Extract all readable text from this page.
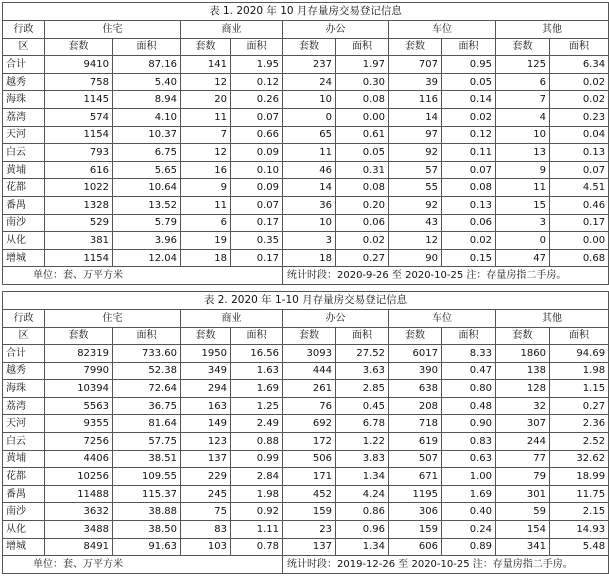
表 1. 2020 年 10 月存量房交易登记信息										
行政	住宅		商业		办公		车位		其他	
区	套数	面积	套数	面积	套数	面积	套数	面积	套数	面积
合计	9410	87.16	141	1.95	237	1.97	707	0.95	125	6.34
越秀	758	5.40	12	0.12	24	0.30	39	0.05	6	0.02
海珠	1145	8.94	20	0.26	10	0.08	116	0.14	7	0.02
荔湾	574	4.10	11	0.07	0	0.00	14	0.02	4	0.23
天河	1154	10.37	7	0.66	65	0.61	97	0.12	10	0.04
白云	793	6.75	12	0.09	11	0.05	92	0.11	13	0.13
黄埔	616	5.65	16	0.10	46	0.31	57	0.07	9	0.07
花都	1022	10.64	9	0.09	14	0.08	55	0.08	11	4.51
番禺	1328	13.52	11	0.07	36	0.20	92	0.13	15	0.46
南沙	529	5.79	6	0.17	10	0.06	43	0.06	3	0.17
从化	381	3.96	19	0.35	3	0.02	12	0.02	0	0.00
增城	1154	12.04	18	0.17	18	0.27	90	0.15	47	0.68
单位：套、万平方米					统计时段：2020-9-26 至 2020-10-25 注：存量房指二手房。					
表 2. 2020 年 1-10 月存量房交易登记信息										
行政	住宅		商业		办公		车位		其他	
区	套数	面积	套数	面积	套数	面积	套数	面积	套数	面积
合计	82319	733.60	1950	16.56	3093	27.52	6017	8.33	1860	94.69
越秀	7990	52.38	349	1.63	444	3.63	390	0.47	138	1.98
海珠	10394	72.64	294	1.69	261	2.85	638	0.80	128	1.15
荔湾	5563	36.75	163	1.25	76	0.45	208	0.48	32	0.27
天河	9355	81.64	149	2.49	692	6.78	718	0.90	307	2.36
白云	7256	57.75	123	0.88	172	1.22	619	0.83	244	2.52
黄埔	4406	38.51	137	0.99	506	3.83	507	0.63	77	32.62
花都	10256	109.55	229	2.84	171	1.34	671	1.00	79	18.99
番禺	11488	115.37	245	1.98	452	4.24	1195	1.69	301	11.75
南沙	3632	38.88	75	0.92	159	0.86	306	0.40	59	2.15
从化	3488	38.50	83	1.11	23	0.96	159	0.24	154	14.93
增城	8491	91.63	103	0.78	137	1.34	606	0.89	341	5.48
单位：套、万平方米					统计时段：2019-12-26 至 2020-10-25 注：存量房指二手房。					
